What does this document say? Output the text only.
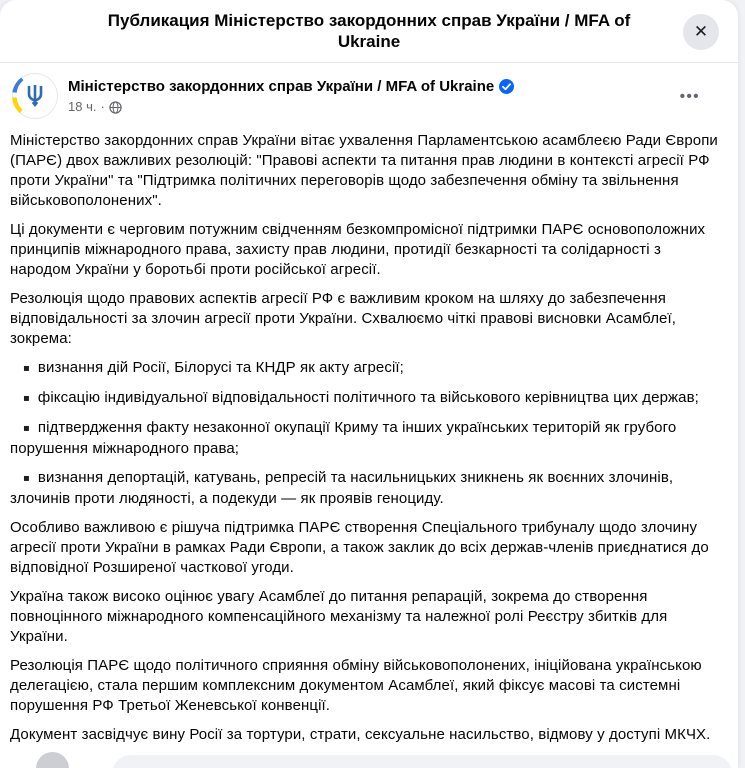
Публикация Міністерство закордонних справ України / MFA of Ukraine	✕
Міністерство закордонних справ України / MFA of Ukraine
18 ч. ·
•••

Міністерство закордонних справ України вітає ухвалення Парламентською асамблеєю Ради Європи (ПАРЄ) двох важливих резолюцій: "Правові аспекти та питання прав людини в контексті агресії РФ проти України" та "Підтримка політичних переговорів щодо забезпечення обміну та звільнення військовополонених".

Ці документи є черговим потужним свідченням безкомпромісної підтримки ПАРЄ основоположних принципів міжнародного права, захисту прав людини, протидії безкарності та солідарності з народом України у боротьбі проти російської агресії.

Резолюція щодо правових аспектів агресії РФ є важливим кроком на шляху до забезпечення відповідальності за злочин агресії проти України. Схвалюємо чіткі правові висновки Асамблеї, зокрема:

▪ визнання дій Росії, Білорусі та КНДР як акту агресії;

▪ фіксацію індивідуальної відповідальності політичного та військового керівництва цих держав;

▪ підтвердження факту незаконної окупації Криму та інших українських територій як грубого порушення міжнародного права;

▪ визнання депортацій, катувань, репресій та насильницьких зникнень як воєнних злочинів, злочинів проти людяності, а подекуди — як проявів геноциду.

Особливо важливою є рішуча підтримка ПАРЄ створення Спеціального трибуналу щодо злочину агресії проти України в рамках Ради Європи, а також заклик до всіх держав-членів приєднатися до відповідної Розширеної часткової угоди.

Україна також високо оцінює увагу Асамблеї до питання репарацій, зокрема до створення повноцінного міжнародного компенсаційного механізму та належної ролі Реєстру збитків для України.

Резолюція ПАРЄ щодо політичного сприяння обміну військовополонених, ініційована українською делегацією, стала першим комплексним документом Асамблеї, який фіксує масові та системні порушення РФ Третьої Женевської конвенції.

Документ засвідчує вину Росії за тортури, страти, сексуальне насильство, відмову у доступі МКЧХ.
